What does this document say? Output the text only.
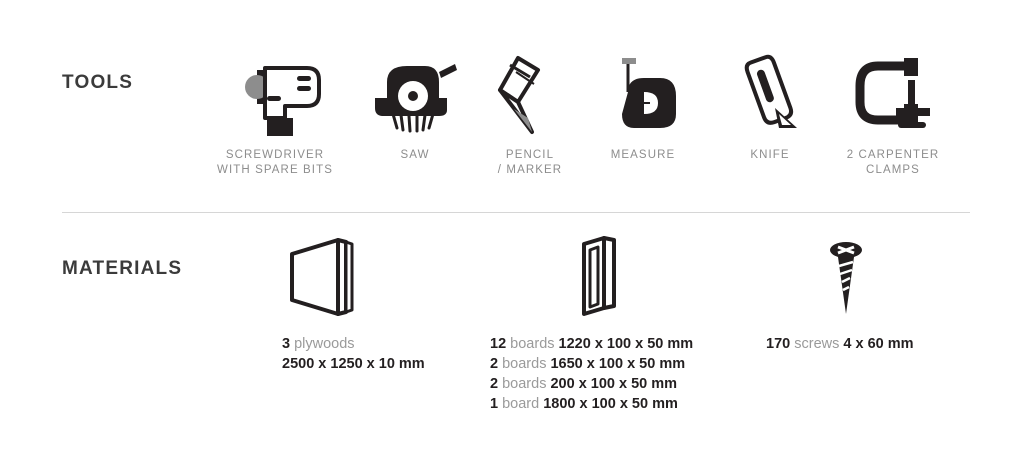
TOOLS
SCREWDRIVER
WITH SPARE BITS
SAW	PENCIL
/ MARKER
MEASURE	KNIFE	2 CARPENTER
CLAMPS
MATERIALS
3 plywoods
2500 x 1250 x 10 mm
12 boards 1220 x 100 x 50 mm
2 boards 1650 x 100 x 50 mm
2 boards 200 x 100 x 50 mm
1 board 1800 x 100 x 50 mm
170 screws 4 x 60 mm
